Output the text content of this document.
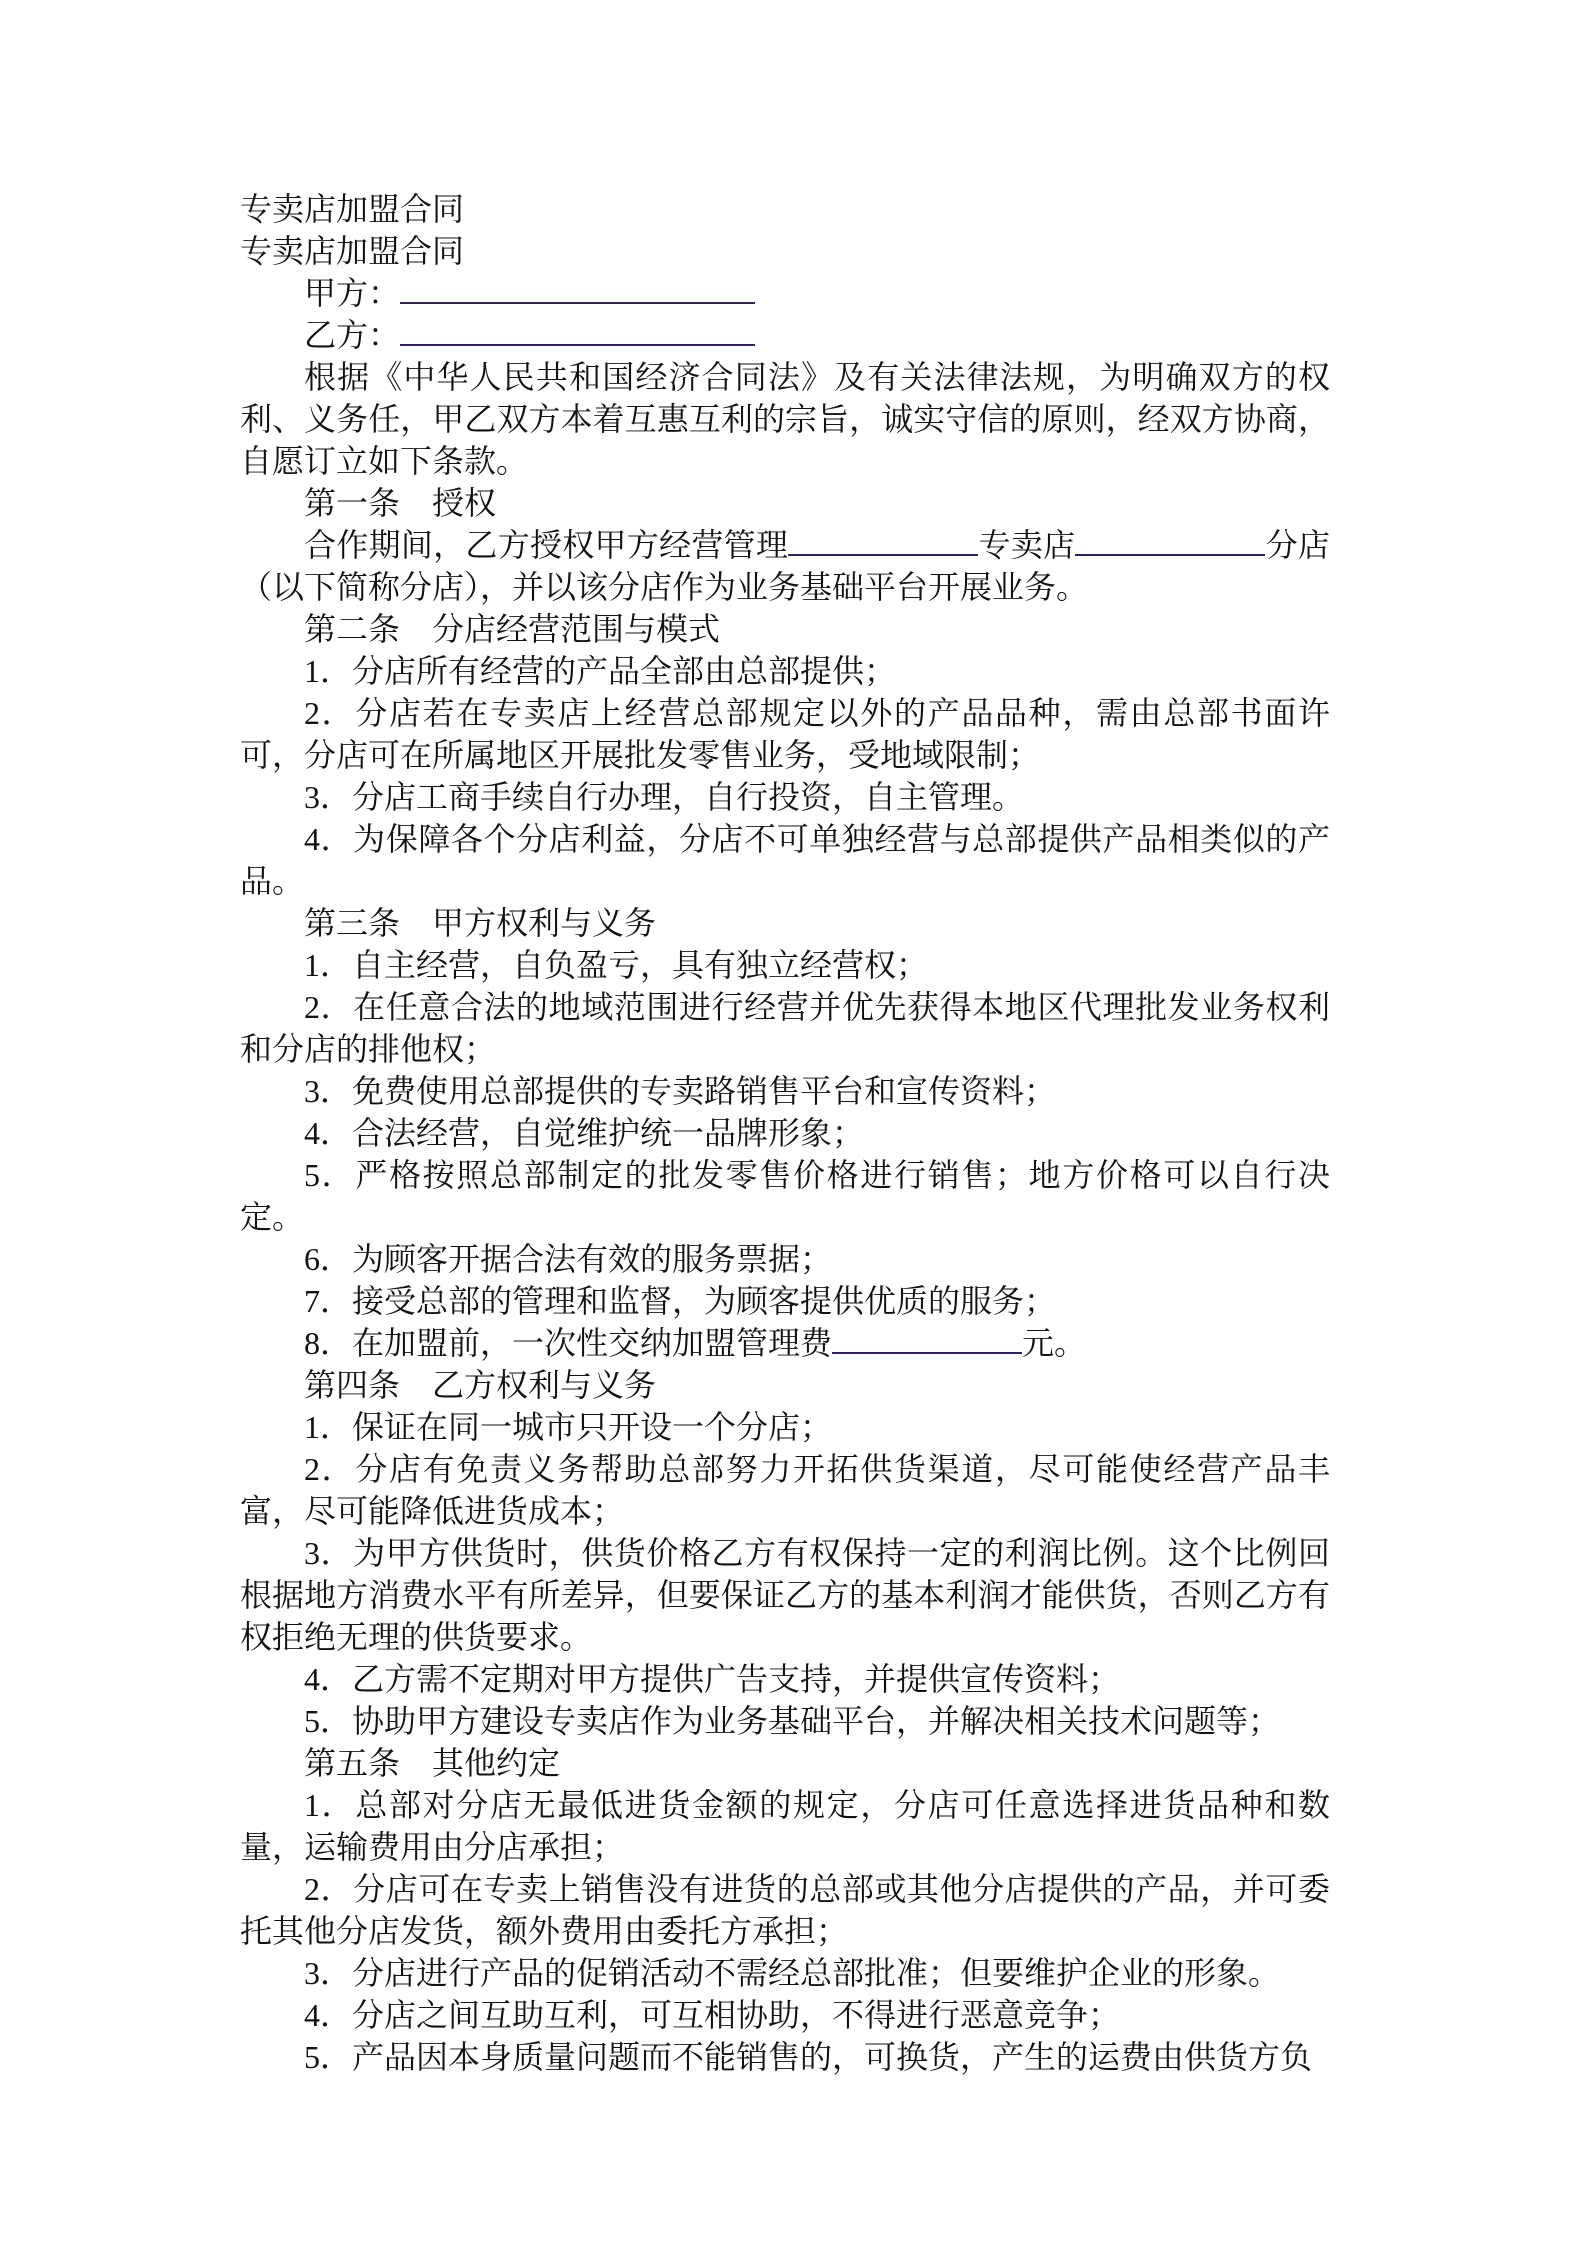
专卖店加盟合同

专卖店加盟合同

甲方：

乙方：

根据《中华人民共和国经济合同法》及有关法律法规，为明确双方的权利、义务任，甲乙双方本着互惠互利的宗旨，诚实守信的原则，经双方协商，自愿订立如下条款。

第一条　授权

合作期间，乙方授权甲方经营管理	专卖店	分店（以下简称分店），并以该分店作为业务基础平台开展业务。

第二条　分店经营范围与模式

1．分店所有经营的产品全部由总部提供；

2．分店若在专卖店上经营总部规定以外的产品品种，需由总部书面许可，分店可在所属地区开展批发零售业务，受地域限制；

3．分店工商手续自行办理，自行投资，自主管理。

4．为保障各个分店利益，分店不可单独经营与总部提供产品相类似的产品。

第三条　甲方权利与义务

1．自主经营，自负盈亏，具有独立经营权；

2．在任意合法的地域范围进行经营并优先获得本地区代理批发业务权利和分店的排他权；

3．免费使用总部提供的专卖路销售平台和宣传资料；

4．合法经营，自觉维护统一品牌形象；

5．严格按照总部制定的批发零售价格进行销售；地方价格可以自行决定。

6．为顾客开据合法有效的服务票据；

7．接受总部的管理和监督，为顾客提供优质的服务；

8．在加盟前，一次性交纳加盟管理费	元。

第四条　乙方权利与义务

1．保证在同一城市只开设一个分店；

2．分店有免责义务帮助总部努力开拓供货渠道，尽可能使经营产品丰富，尽可能降低进货成本；

3．为甲方供货时，供货价格乙方有权保持一定的利润比例。这个比例回根据地方消费水平有所差异，但要保证乙方的基本利润才能供货，否则乙方有权拒绝无理的供货要求。

4．乙方需不定期对甲方提供广告支持，并提供宣传资料；

5．协助甲方建设专卖店作为业务基础平台，并解决相关技术问题等；

第五条　其他约定

1．总部对分店无最低进货金额的规定，分店可任意选择进货品种和数量，运输费用由分店承担；

2．分店可在专卖上销售没有进货的总部或其他分店提供的产品，并可委托其他分店发货，额外费用由委托方承担；

3．分店进行产品的促销活动不需经总部批准；但要维护企业的形象。

4．分店之间互助互利，可互相协助，不得进行恶意竞争；

5．产品因本身质量问题而不能销售的，可换货，产生的运费由供货方负
